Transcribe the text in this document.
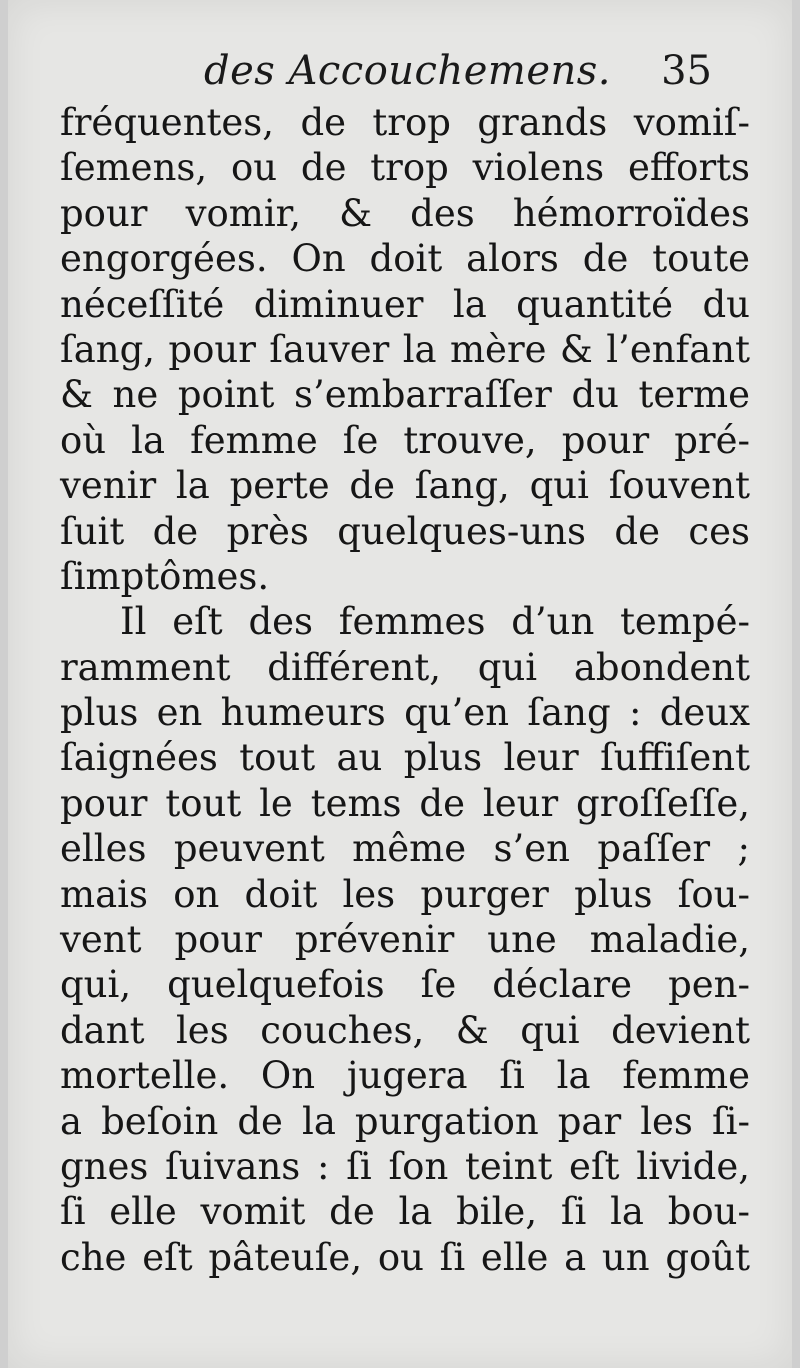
des Accouchemens. 35
fréquentes, de trop grands vomiſ-
ſemens, ou de trop violens efforts
pour vomir, & des hémorroïdes
engorgées. On doit alors de toute
néceſſité diminuer la quantité du
ſang, pour ſauver la mère & l’enfant
& ne point s’embarraſſer du terme
où la femme ſe trouve, pour pré-
venir la perte de ſang, qui ſouvent
ſuit de près quelques-uns de ces
ſimptômes.
Il eſt des femmes d’un tempé-
ramment différent, qui abondent
plus en humeurs qu’en ſang : deux
ſaignées tout au plus leur ſuffiſent
pour tout le tems de leur groſſeſſe,
elles peuvent même s’en paſſer ;
mais on doit les purger plus ſou-
vent pour prévenir une maladie,
qui, quelquefois ſe déclare pen-
dant les couches, & qui devient
mortelle. On jugera ſi la femme
a beſoin de la purgation par les ſi-
gnes ſuivans : ſi ſon teint eſt livide,
ſi elle vomit de la bile, ſi la bou-
che eſt pâteuſe, ou ſi elle a un goût
